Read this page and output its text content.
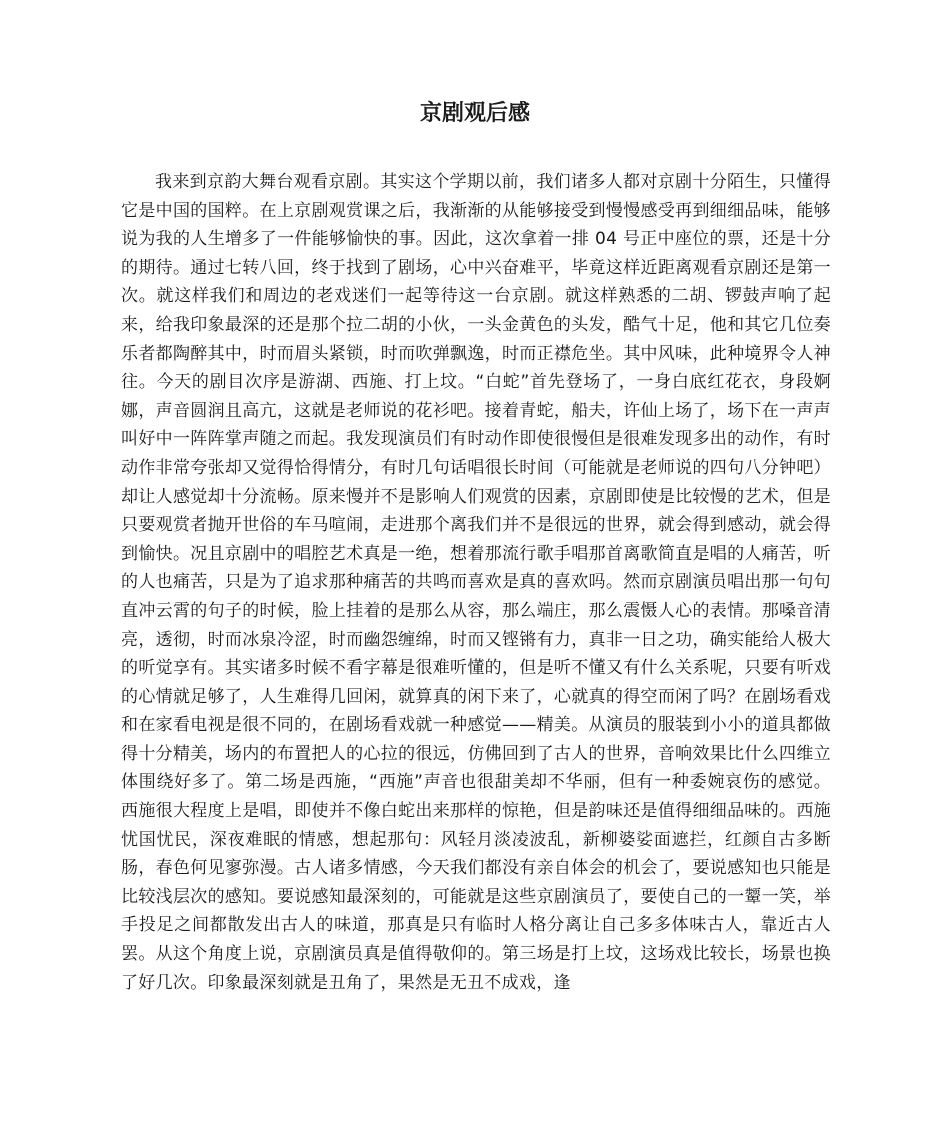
京剧观后感

我来到京韵大舞台观看京剧。其实这个学期以前，我们诸多人都对京剧十分陌生，只懂得它是中国的国粹。在上京剧观赏课之后，我渐渐的从能够接受到慢慢感受再到细细品味，能够说为我的人生增多了一件能够愉快的事。因此，这次拿着一排 04 号正中座位的票，还是十分的期待。通过七转八回，终于找到了剧场，心中兴奋难平，毕竟这样近距离观看京剧还是第一次。就这样我们和周边的老戏迷们一起等待这一台京剧。就这样熟悉的二胡、锣鼓声响了起来，给我印象最深的还是那个拉二胡的小伙，一头金黄色的头发，酷气十足，他和其它几位奏乐者都陶醉其中，时而眉头紧锁，时而吹弹飘逸，时而正襟危坐。其中风味，此种境界令人神往。今天的剧目次序是游湖、西施、打上坟。“白蛇”首先登场了，一身白底红花衣，身段婀娜，声音圆润且高亢，这就是老师说的花衫吧。接着青蛇，船夫，许仙上场了，场下在一声声叫好中一阵阵掌声随之而起。我发现演员们有时动作即使很慢但是很难发现多出的动作，有时动作非常夸张却又觉得恰得情分，有时几句话唱很长时间（可能就是老师说的四句八分钟吧）却让人感觉却十分流畅。原来慢并不是影响人们观赏的因素，京剧即使是比较慢的艺术，但是只要观赏者抛开世俗的车马喧闹，走进那个离我们并不是很远的世界，就会得到感动，就会得到愉快。况且京剧中的唱腔艺术真是一绝，想着那流行歌手唱那首离歌简直是唱的人痛苦，听的人也痛苦，只是为了追求那种痛苦的共鸣而喜欢是真的喜欢吗。然而京剧演员唱出那一句句直冲云霄的句子的时候，脸上挂着的是那么从容，那么端庄，那么震慑人心的表情。那嗓音清亮，透彻，时而冰泉冷涩，时而幽怨缠绵，时而又铿锵有力，真非一日之功，确实能给人极大的听觉享有。其实诸多时候不看字幕是很难听懂的，但是听不懂又有什么关系呢，只要有听戏的心情就足够了，人生难得几回闲，就算真的闲下来了，心就真的得空而闲了吗？在剧场看戏和在家看电视是很不同的，在剧场看戏就一种感觉——精美。从演员的服装到小小的道具都做得十分精美，场内的布置把人的心拉的很远，仿佛回到了古人的世界，音响效果比什么四维立体围绕好多了。第二场是西施，“西施”声音也很甜美却不华丽，但有一种委婉哀伤的感觉。西施很大程度上是唱，即使并不像白蛇出来那样的惊艳，但是韵味还是值得细细品味的。西施忧国忧民，深夜难眠的情感，想起那句：风轻月淡凌波乱，新柳婆娑面遮拦，红颜自古多断肠，春色何见寥弥漫。古人诸多情感，今天我们都没有亲自体会的机会了，要说感知也只能是比较浅层次的感知。要说感知最深刻的，可能就是这些京剧演员了，要使自己的一颦一笑，举手投足之间都散发出古人的味道，那真是只有临时人格分离让自己多多体味古人，靠近古人罢。从这个角度上说，京剧演员真是值得敬仰的。第三场是打上坟，这场戏比较长，场景也换了好几次。印象最深刻就是丑角了，果然是无丑不成戏，逢
